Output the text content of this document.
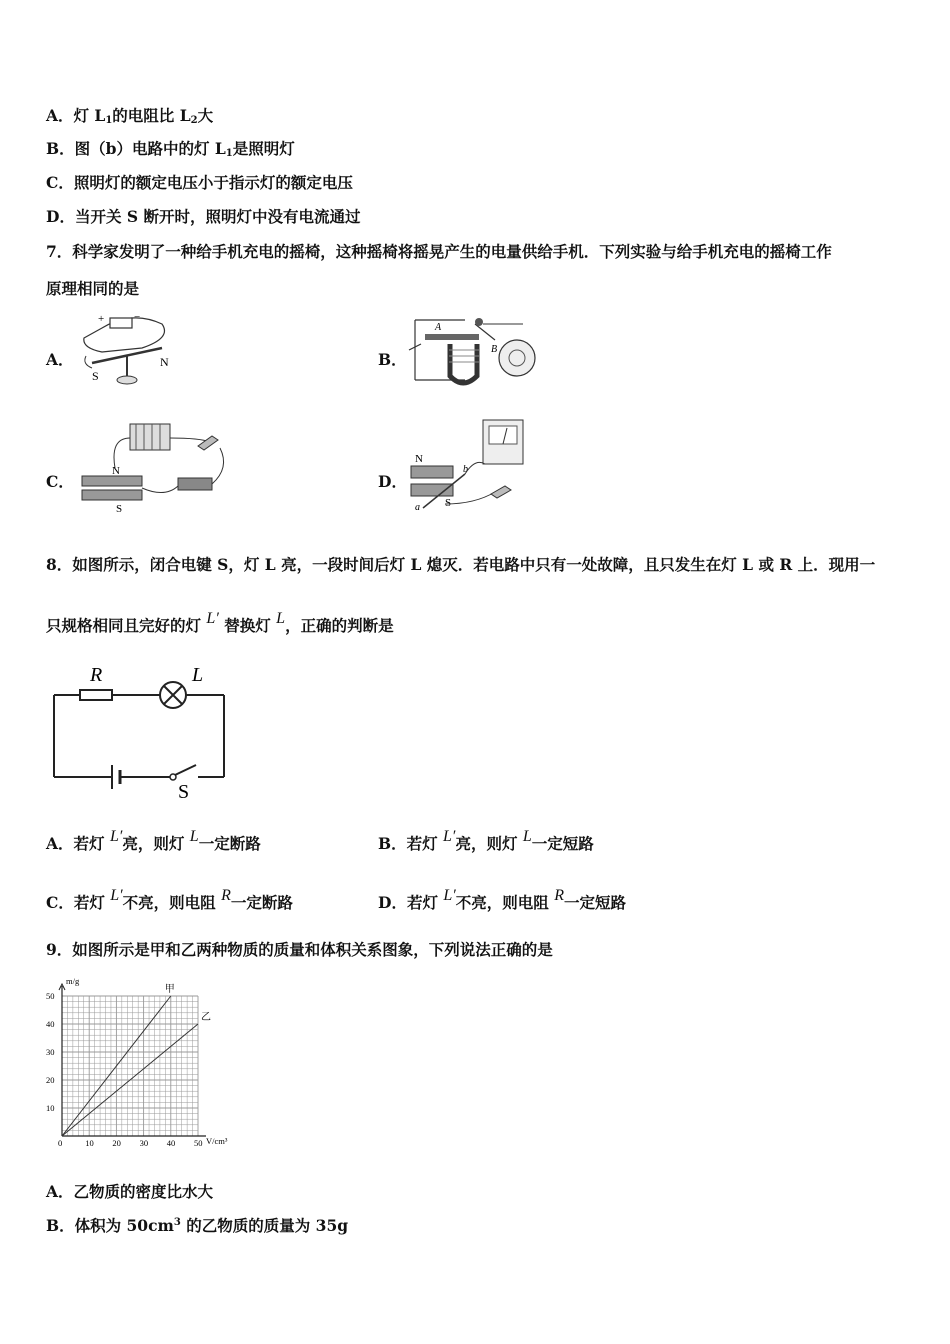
A．灯 $L_1$的电阻比 $L_2$大
B．图（b）电路中的灯 $L_1$是照明灯
C．照明灯的额定电压小于指示灯的额定电压
D．当开关 S 断开时，照明灯中没有电流通过
7．科学家发明了一种给手机充电的摇椅，这种摇椅将摇晃产生的电量供给手机．下列实验与给手机充电的摇椅工作
原理相同的是
A．
+	−
S
N	B．
A
B
C．
N
S
D．
N
S
a
b
8．如图所示，闭合电键 S，灯 L 亮，一段时间后灯 L 熄灭．若电路中只有一处故障，且只发生在灯 L 或 R 上．现用一
只规格相同且完好的灯 L′ 替换灯 L，正确的判断是
R	L
S
A．若灯 L′亮，则灯 L一定断路	B．若灯 L′亮，则灯 L一定短路
C．若灯 L′不亮，则电阻 R一定断路	D．若灯 L′不亮，则电阻 R一定短路
9．如图所示是甲和乙两种物质的质量和体积关系图象，下列说法正确的是
0	10 20 30 40 50
10
20
30
40
50
m/g
V/cm³
甲
乙
A．乙物质的密度比水大
B．体积为 $50cm^3$ 的乙物质的质量为 35g
